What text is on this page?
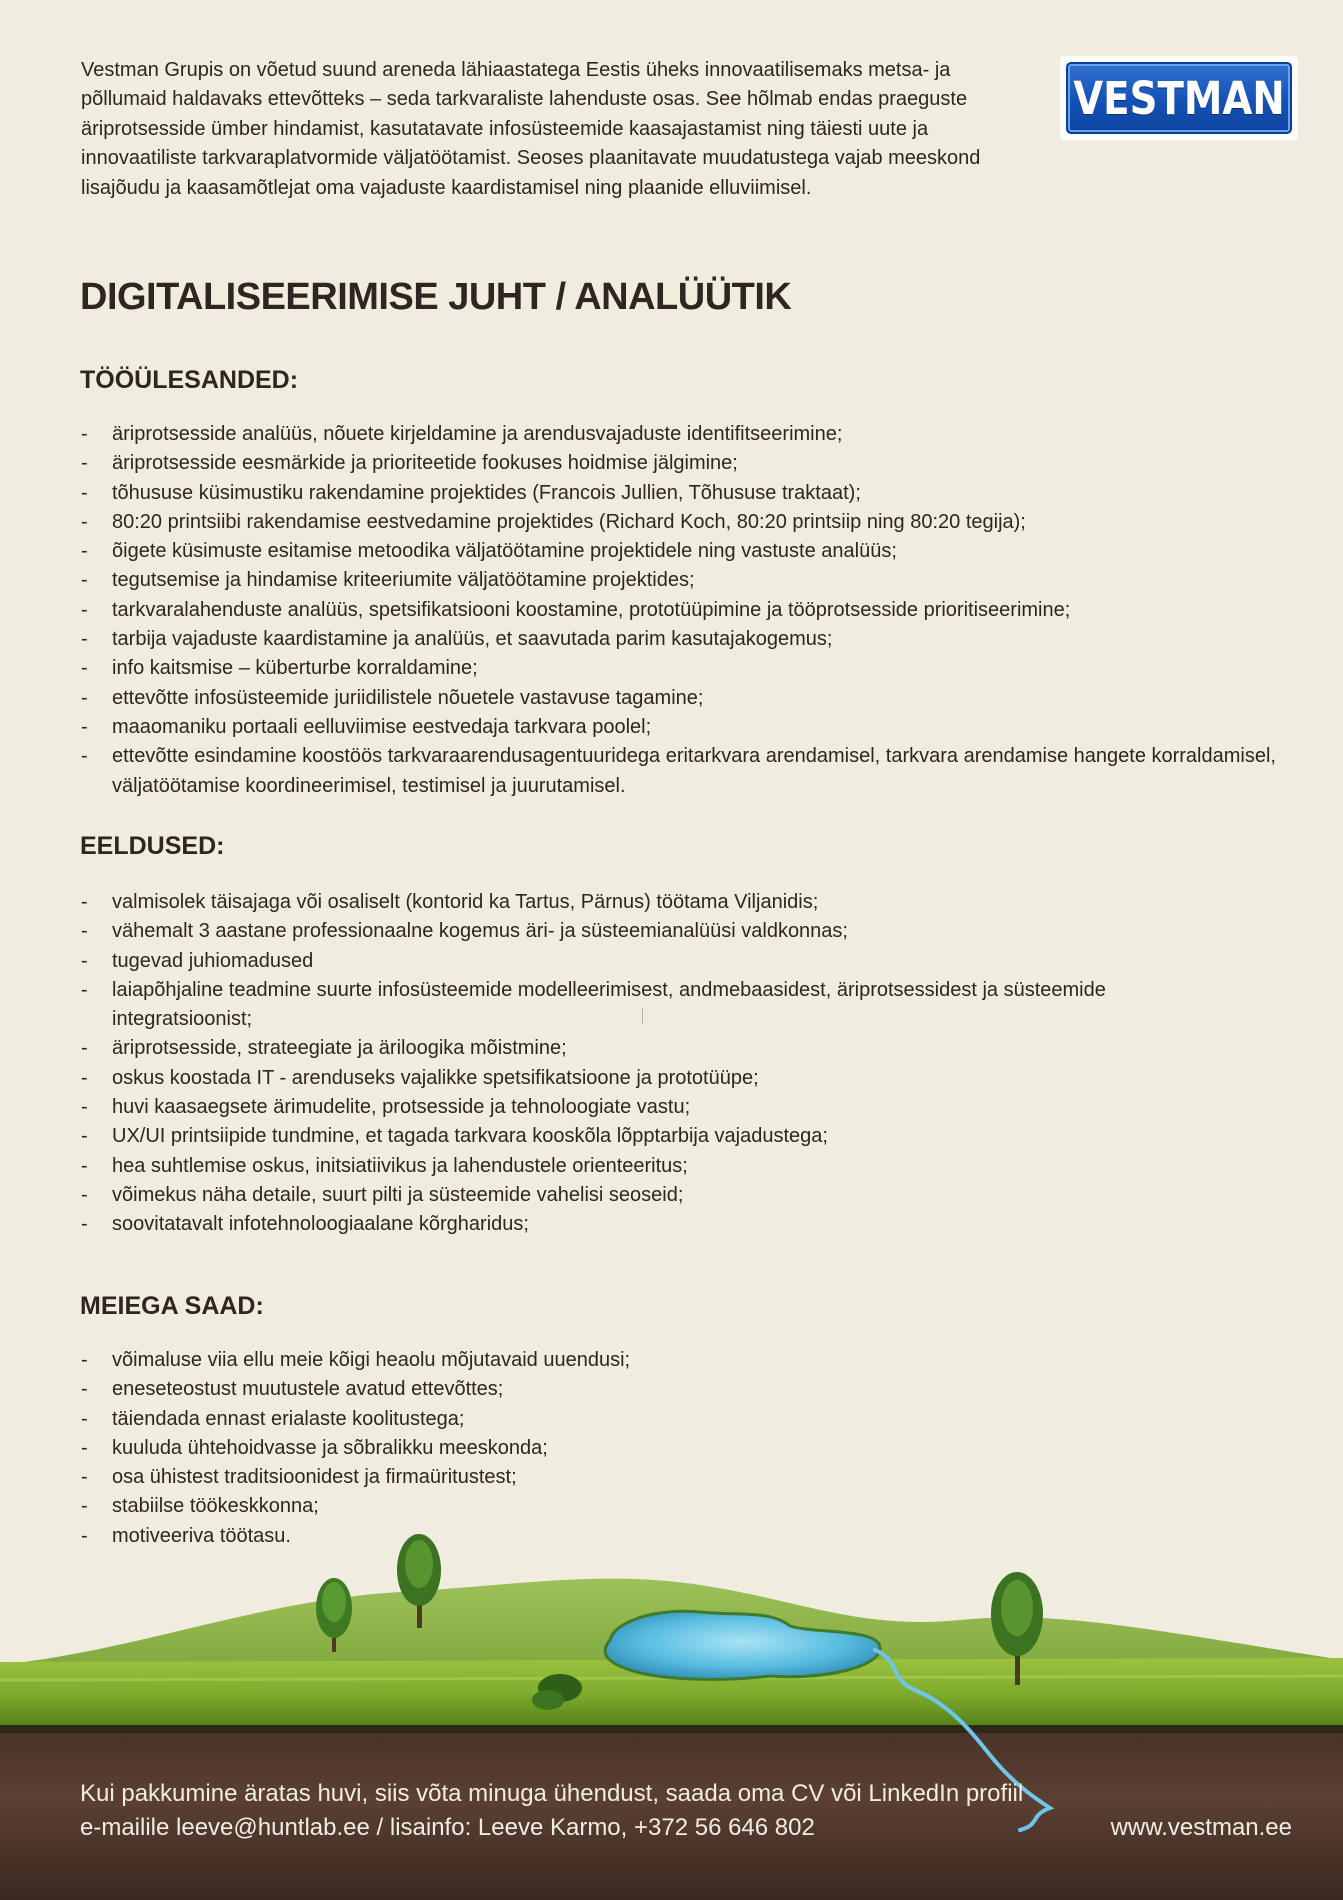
Vestman Grupis on võetud suund areneda lähiaastatega Eestis üheks innovaatilisemaks metsa- ja põllumaid haldavaks ettevõtteks – seda tarkvaraliste lahenduste osas. See hõlmab endas praeguste äriprotsesside ümber hindamist, kasutatavate infosüsteemide kaasajastamist ning täiesti uute ja innovaatiliste tarkvaraplatvormide väljatöötamist. Seoses plaanitavate muudatustega vajab meeskond lisajõudu ja kaasamõtlejat oma vajaduste kaardistamisel ning plaanide elluviimisel.

VESTMAN
DIGITALISEERIMISE JUHT / ANALÜÜTIK
TÖÖÜLESANDED:
- äriprotsesside analüüs, nõuete kirjeldamine ja arendusvajaduste identifitseerimine;
- äriprotsesside eesmärkide ja prioriteetide fookuses hoidmise jälgimine;
- tõhususe küsimustiku rakendamine projektides (Francois Jullien, Tõhususe traktaat);
- 80:20 printsiibi rakendamise eestvedamine projektides (Richard Koch, 80:20 printsiip ning 80:20 tegija);
- õigete küsimuste esitamise metoodika väljatöötamine projektidele ning vastuste analüüs;
- tegutsemise ja hindamise kriteeriumite väljatöötamine projektides;
- tarkvaralahenduste analüüs, spetsifikatsiooni koostamine, prototüüpimine ja tööprotsesside prioritiseerimine;
- tarbija vajaduste kaardistamine ja analüüs, et saavutada parim kasutajakogemus;
- info kaitsmise – küberturbe korraldamine;
- ettevõtte infosüsteemide juriidilistele nõuetele vastavuse tagamine;
- maaomaniku portaali eelluviimise eestvedaja tarkvara poolel;
- ettevõtte esindamine koostöös tarkvaraarendusagentuuridega eritarkvara arendamisel, tarkvara arendamise hangete korraldamisel, väljatöötamise koordineerimisel, testimisel ja juurutamisel.
EELDUSED:
- valmisolek täisajaga või osaliselt (kontorid ka Tartus, Pärnus) töötama Viljanidis;
- vähemalt 3 aastane professionaalne kogemus äri- ja süsteemianalüüsi valdkonnas;
- tugevad juhiomadused
- laiapõhjaline teadmine suurte infosüsteemide modelleerimisest, andmebaasidest, äriprotsessidest ja süsteemide integratsioonist;
- äriprotsesside, strateegiate ja äriloogika mõistmine;
- oskus koostada IT - arenduseks vajalikke spetsifikatsioone ja prototüüpe;
- huvi kaasaegsete ärimudelite, protsesside ja tehnoloogiate vastu;
- UX/UI printsiipide tundmine, et tagada tarkvara kooskõla lõpptarbija vajadustega;
- hea suhtlemise oskus, initsiatiivikus ja lahendustele orienteeritus;
- võimekus näha detaile, suurt pilti ja süsteemide vahelisi seoseid;
- soovitatavalt infotehnoloogiaalane kõrgharidus;
MEIEGA SAAD:
- võimaluse viia ellu meie kõigi heaolu mõjutavaid uuendusi;
- eneseteostust muutustele avatud ettevõttes;
- täiendada ennast erialaste koolitustega;
- kuuluda ühtehoidvasse ja sõbralikku meeskonda;
- osa ühistest traditsioonidest ja firmaüritustest;
- stabiilse töökeskkonna;
- motiveeriva töötasu.

Kui pakkumine äratas huvi, siis võta minuga ühendust, saada oma CV või LinkedIn profiil e-mailile leeve@huntlab.ee / lisainfo: Leeve Karmo, +372 56 646 802	www.vestman.ee
